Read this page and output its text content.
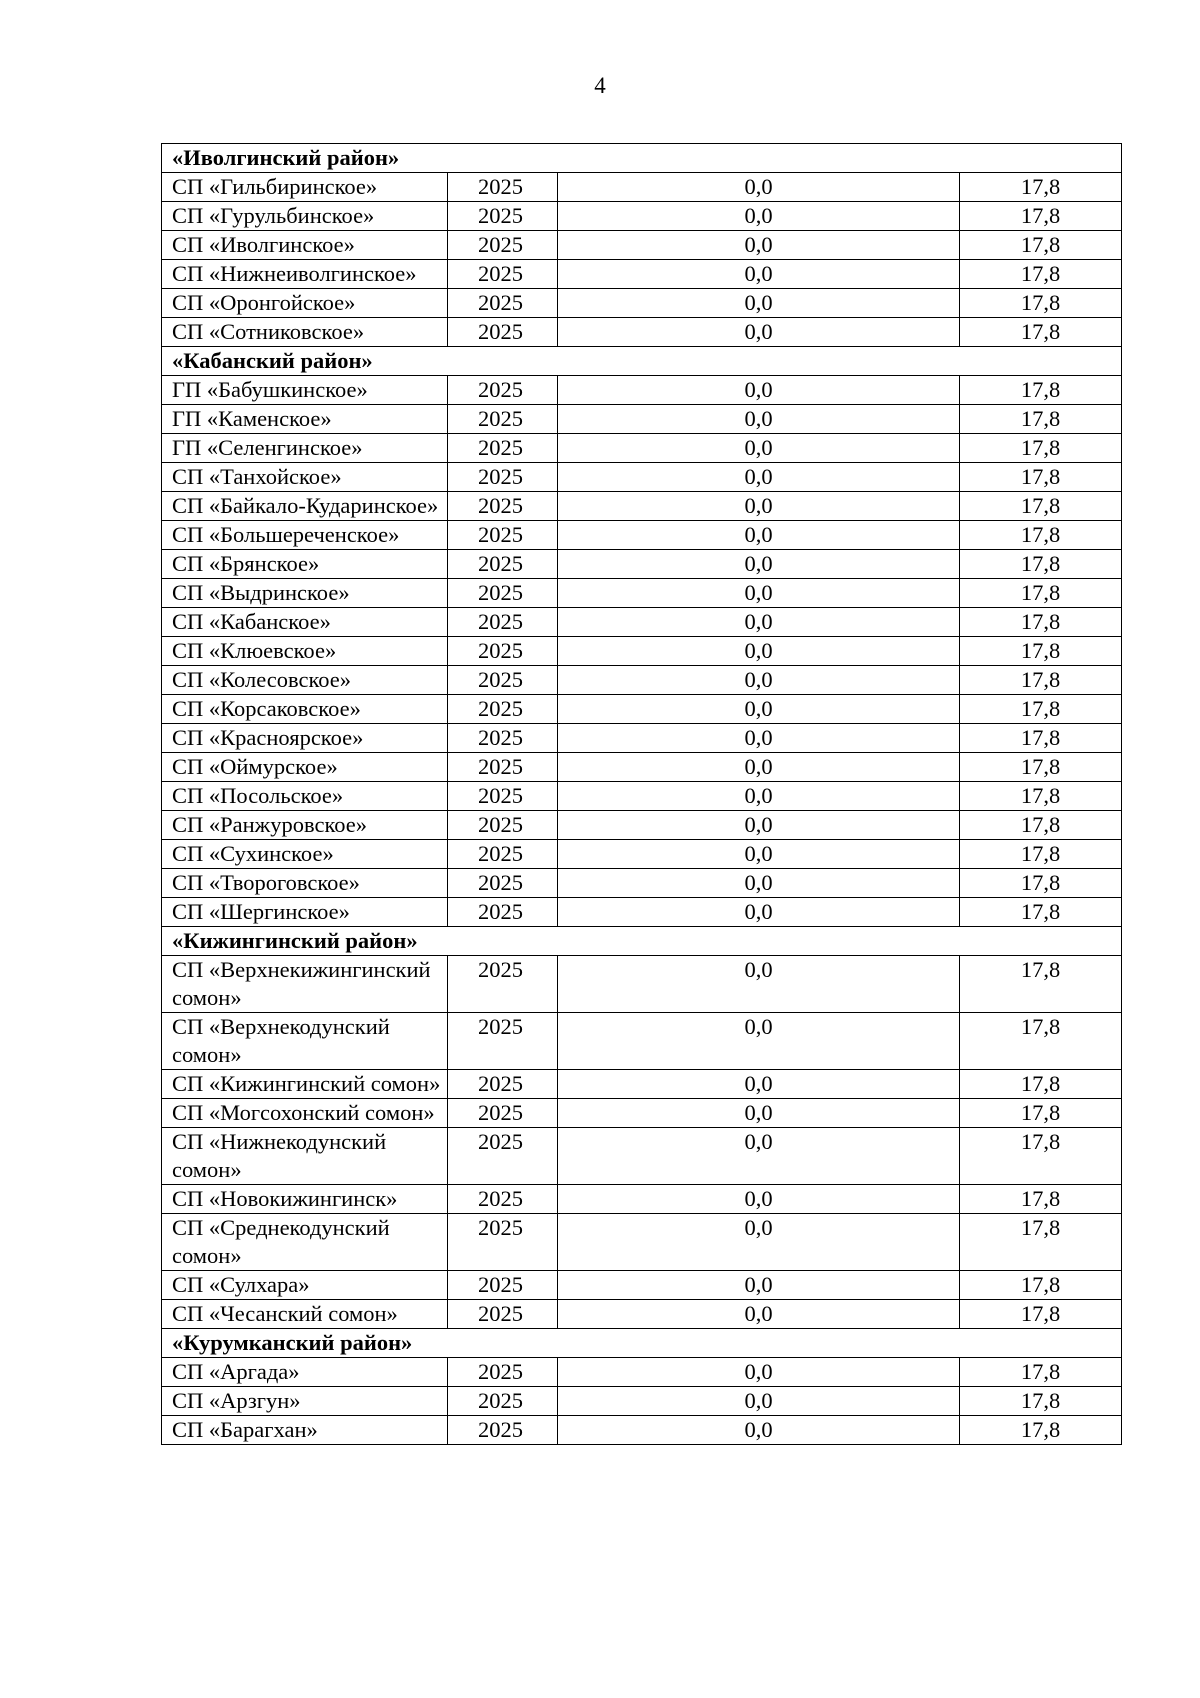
4
«Иволгинский район»			
СП «Гильбиринское»	2025	0,0	17,8
СП «Гурульбинское»	2025	0,0	17,8
СП «Иволгинское»	2025	0,0	17,8
СП «Нижнеиволгинское»	2025	0,0	17,8
СП «Оронгойское»	2025	0,0	17,8
СП «Сотниковское»	2025	0,0	17,8
«Кабанский район»			
ГП «Бабушкинское»	2025	0,0	17,8
ГП «Каменское»	2025	0,0	17,8
ГП «Селенгинское»	2025	0,0	17,8
СП «Танхойское»	2025	0,0	17,8
СП «Байкало-Кударинское»	2025	0,0	17,8
СП «Большереченское»	2025	0,0	17,8
СП «Брянское»	2025	0,0	17,8
СП «Выдринское»	2025	0,0	17,8
СП «Кабанское»	2025	0,0	17,8
СП «Клюевское»	2025	0,0	17,8
СП «Колесовское»	2025	0,0	17,8
СП «Корсаковское»	2025	0,0	17,8
СП «Красноярское»	2025	0,0	17,8
СП «Оймурское»	2025	0,0	17,8
СП «Посольское»	2025	0,0	17,8
СП «Ранжуровское»	2025	0,0	17,8
СП «Сухинское»	2025	0,0	17,8
СП «Твороговское»	2025	0,0	17,8
СП «Шергинское»	2025	0,0	17,8
«Кижингинский район»			
СП «Верхнекижингинский сомон»	2025	0,0	17,8
СП «Верхнекодунский сомон»	2025	0,0	17,8
СП «Кижингинский сомон»	2025	0,0	17,8
СП «Могсохонский сомон»	2025	0,0	17,8
СП «Нижнекодунский сомон»	2025	0,0	17,8
СП «Новокижингинск»	2025	0,0	17,8
СП «Среднекодунский сомон»	2025	0,0	17,8
СП «Сулхара»	2025	0,0	17,8
СП «Чесанский сомон»	2025	0,0	17,8
«Курумканский район»			
СП «Аргада»	2025	0,0	17,8
СП «Арзгун»	2025	0,0	17,8
СП «Барагхан»	2025	0,0	17,8
